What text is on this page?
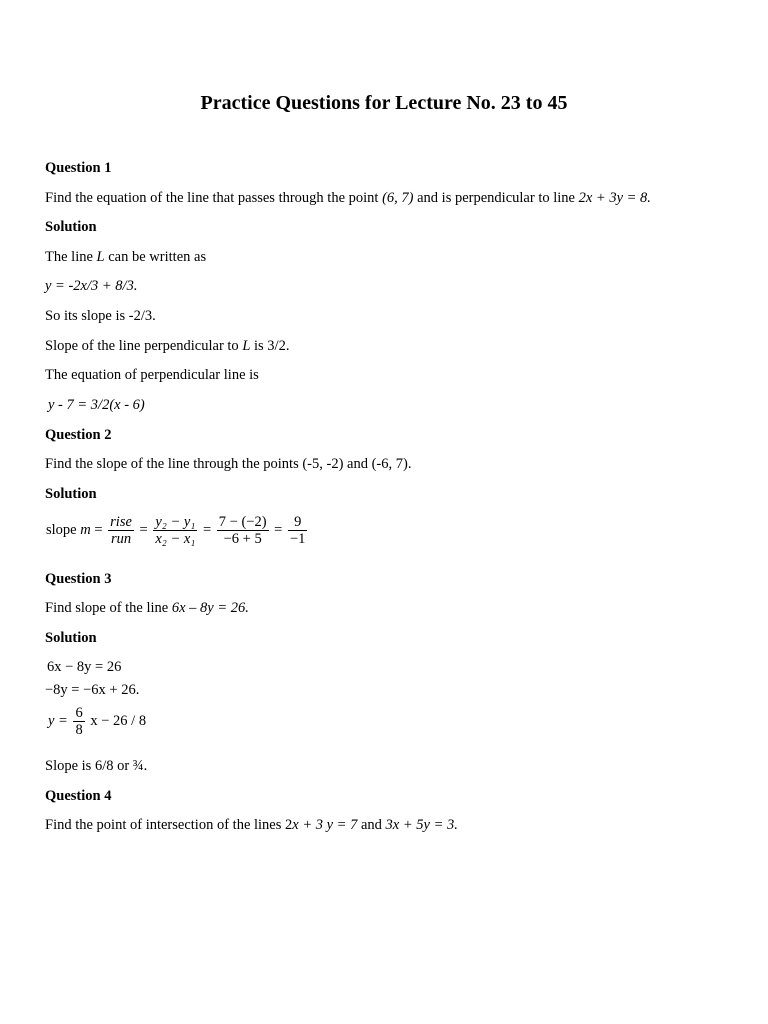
Practice Questions for Lecture No. 23 to 45
Question 1
Find the equation of the line that passes through the point (6, 7) and is perpendicular to line 2x + 3y = 8.
Solution
The line L can be written as
y = -2x/3 + 8/3.
So its slope is -2/3.
Slope of the line perpendicular to L is 3/2.
The equation of perpendicular line is
y - 7 = 3/2(x - 6)
Question 2
Find the slope of the line through the points (-5, -2) and (-6, 7).
Solution
slope $m = \frac{\text{rise}}{\text{run}} = \frac{\text{y₂ − y₁}}{\text{x₂ − x₁}} = \frac{7 - (-2)}{-6 + 5} = \frac{9}{-1}$
Question 3
Find slope of the line 6x – 8y = 26.
Solution
6x − 8y = 26
−8y = −6x + 26.
$y = \frac{6}{8}$ x − 26 / 8
Slope is 6/8 or ¾.
Question 4
Find the point of intersection of the lines 2x + 3 y = 7 and 3x + 5y = 3.
